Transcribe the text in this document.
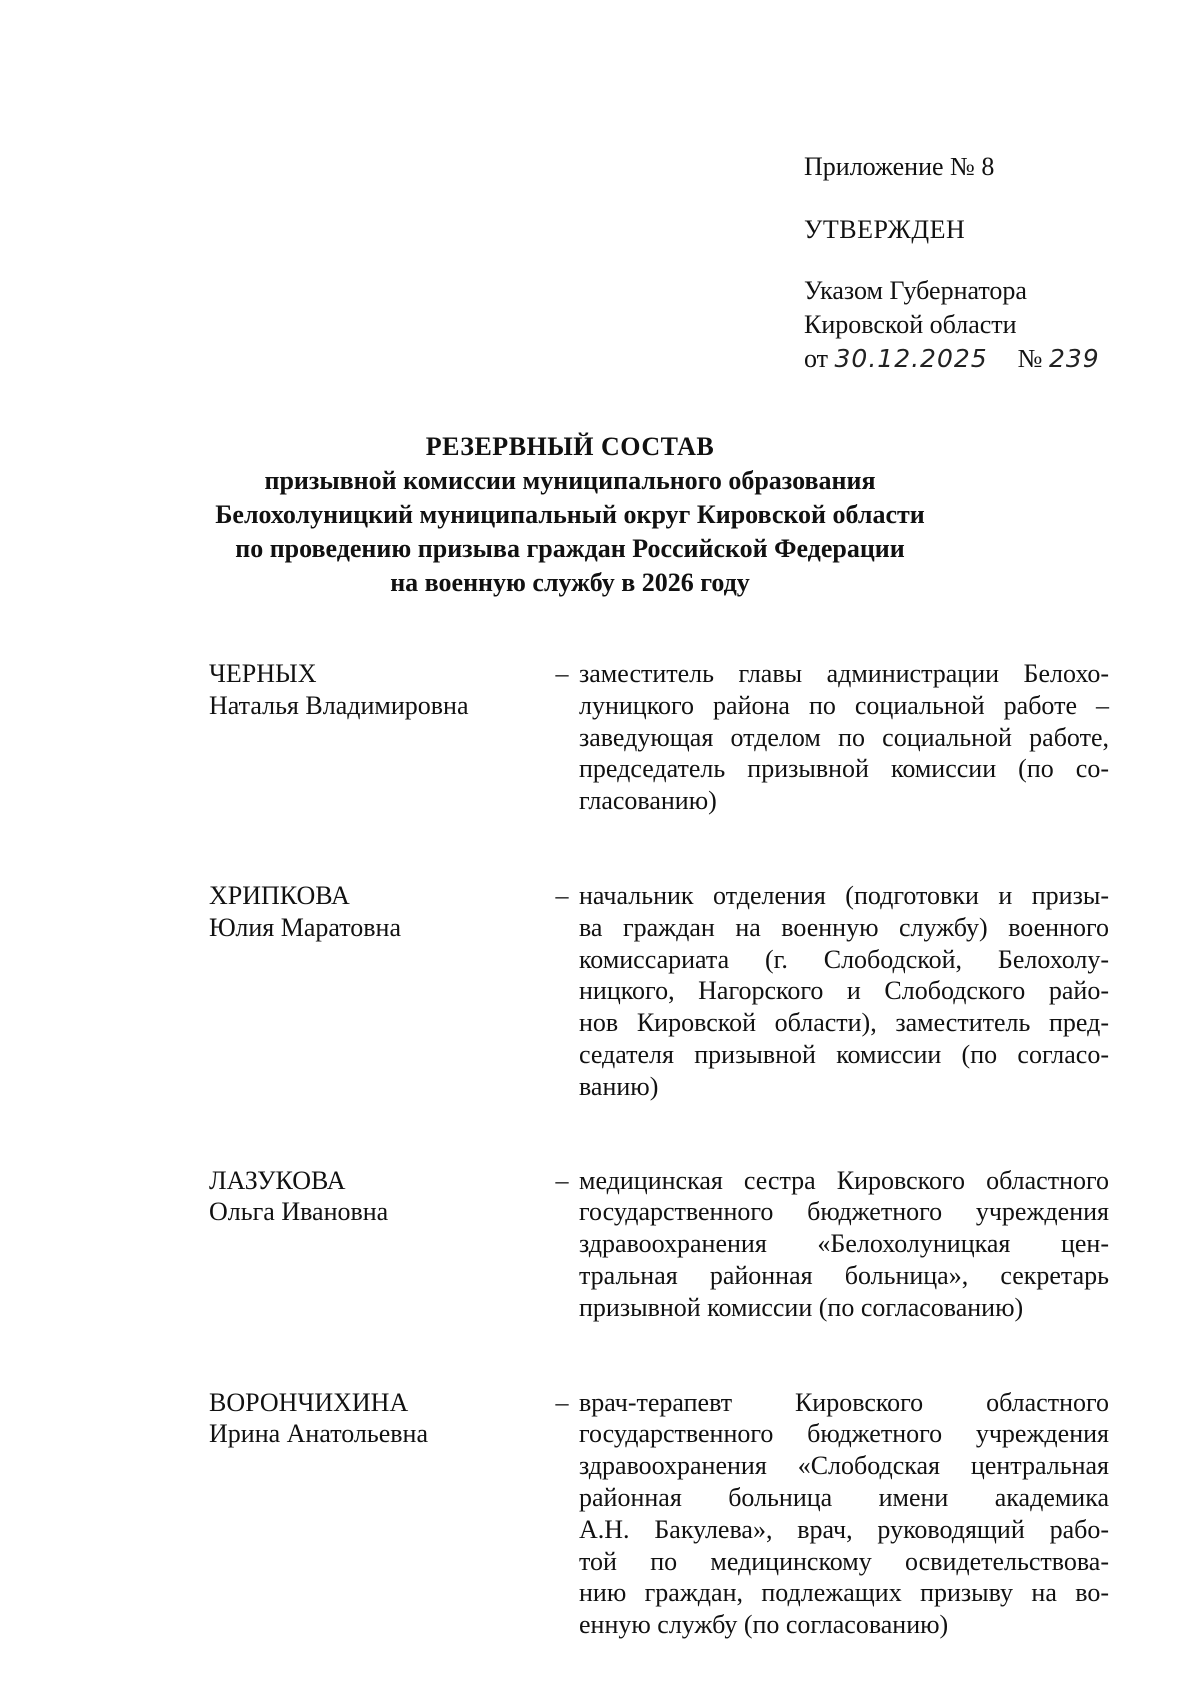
Приложение № 8
УТВЕРЖДЕН
Указом Губернатора
Кировской области
от 30.12.2025 № 239
РЕЗЕРВНЫЙ СОСТАВ
призывной комиссии муниципального образования
Белохолуницкий муниципальный округ Кировской области
по проведению призыва граждан Российской Федерации
на военную службу в 2026 году
ЧЕРНЫХ
Наталья Владимировна
– заместитель главы администрации Белохо-
луницкого района по социальной работе –
заведующая отделом по социальной работе,
председатель призывной комиссии (по со-
гласованию)
ХРИПКОВА
Юлия Маратовна
– начальник отделения (подготовки и призы-
ва граждан на военную службу) военного
комиссариата (г. Слободской, Белохолу-
ницкого, Нагорского и Слободского райо-
нов Кировской области), заместитель пред-
седателя призывной комиссии (по согласо-
ванию)
ЛАЗУКОВА
Ольга Ивановна
– медицинская сестра Кировского областного
государственного бюджетного учреждения
здравоохранения «Белохолуницкая цен-
тральная районная больница», секретарь
призывной комиссии (по согласованию)
ВОРОНЧИХИНА
Ирина Анатольевна
– врач-терапевт Кировского областного
государственного бюджетного учреждения
здравоохранения «Слободская центральная
районная больница имени академика
А.Н. Бакулева», врач, руководящий рабо-
той по медицинскому освидетельствова-
нию граждан, подлежащих призыву на во-
енную службу (по согласованию)
